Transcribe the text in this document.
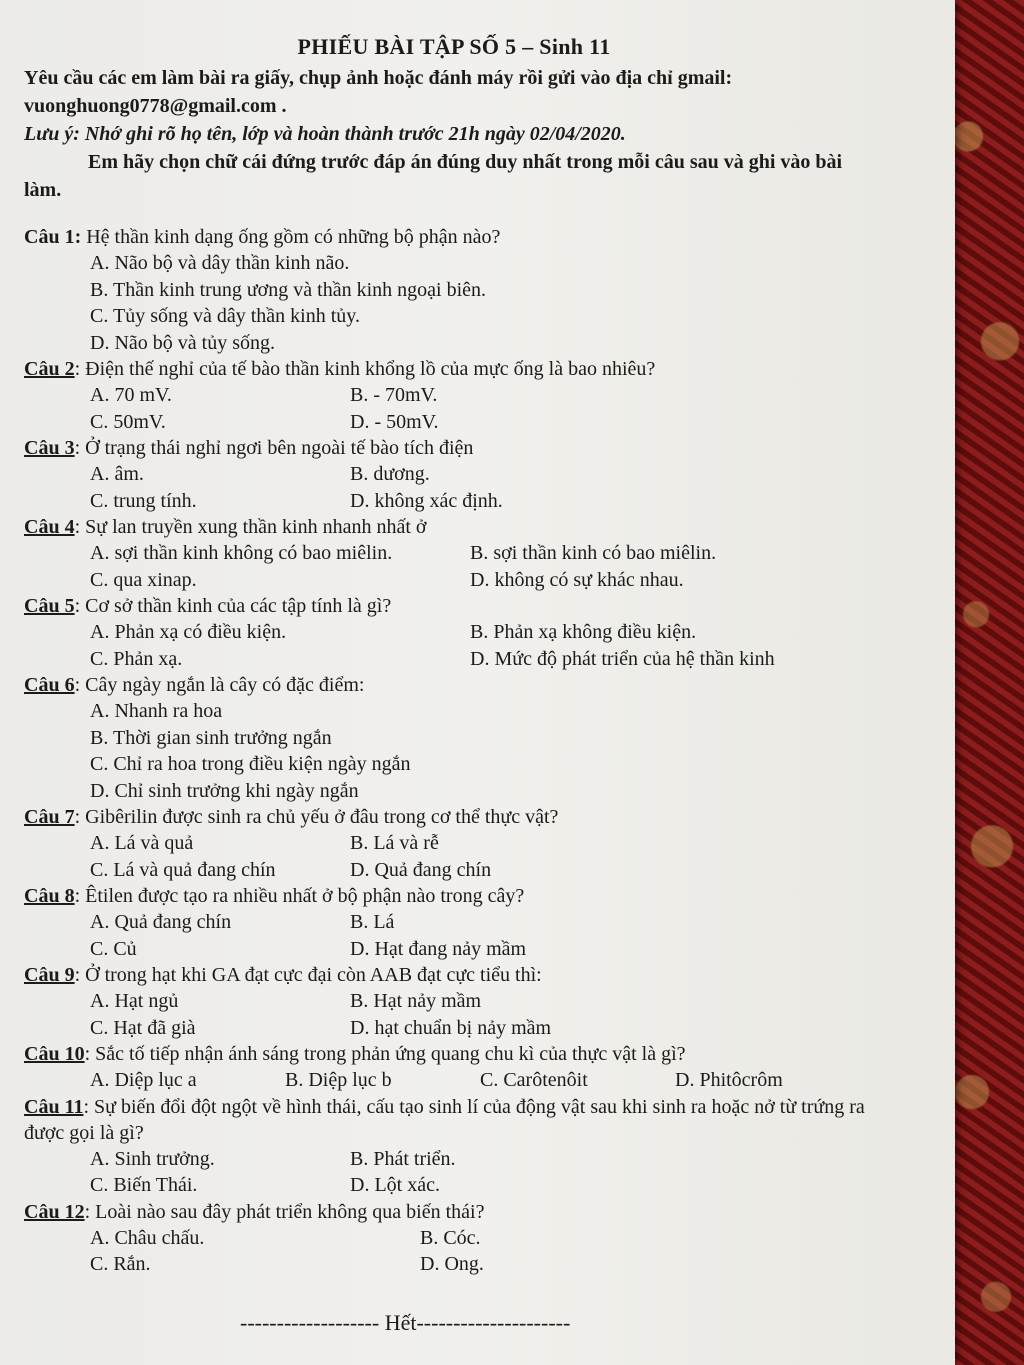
PHIẾU BÀI TẬP SỐ 5 – Sinh 11

Yêu cầu các em làm bài ra giấy, chụp ảnh hoặc đánh máy rồi gửi vào địa chỉ gmail: vuonghuong0778@gmail.com .

Lưu ý: Nhớ ghi rõ họ tên, lớp và hoàn thành trước 21h ngày 02/04/2020.

Em hãy chọn chữ cái đứng trước đáp án đúng duy nhất trong mỗi câu sau và ghi vào bài làm.

Câu 1: Hệ thần kinh dạng ống gồm có những bộ phận nào?

A. Não bộ và dây thần kinh não.
B. Thần kinh trung ương và thần kinh ngoại biên.
C. Tủy sống và dây thần kinh tủy.
D. Não bộ và tủy sống.

Câu 2: Điện thế nghỉ của tế bào thần kinh khổng lồ của mực ống là bao nhiêu?

A. 70 mV.	B. - 70mV.
C. 50mV.	D. - 50mV.

Câu 3: Ở trạng thái nghỉ ngơi bên ngoài tế bào tích điện

A. âm.	B. dương.
C. trung tính.	D. không xác định.

Câu 4: Sự lan truyền xung thần kinh nhanh nhất ở

A. sợi thần kinh không có bao miêlin.	B. sợi thần kinh có bao miêlin.
C. qua xinap.	D. không có sự khác nhau.

Câu 5: Cơ sở thần kinh của các tập tính là gì?

A. Phản xạ có điều kiện.	B. Phản xạ không điều kiện.
C. Phản xạ.	D. Mức độ phát triển của hệ thần kinh

Câu 6: Cây ngày ngắn là cây có đặc điểm:

A. Nhanh ra hoa
B. Thời gian sinh trưởng ngắn
C. Chỉ ra hoa trong điều kiện ngày ngắn
D. Chỉ sinh trưởng khi ngày ngắn

Câu 7: Gibêrilin được sinh ra chủ yếu ở đâu trong cơ thể thực vật?

A. Lá và quả	B. Lá và rễ
C. Lá và quả đang chín	D. Quả đang chín

Câu 8: Êtilen được tạo ra nhiều nhất ở bộ phận nào trong cây?

A. Quả đang chín	B. Lá
C. Củ	D. Hạt đang nảy mầm

Câu 9: Ở trong hạt khi GA đạt cực đại còn AAB đạt cực tiểu thì:

A. Hạt ngủ	B. Hạt nảy mầm
C. Hạt đã già	D. hạt chuẩn bị nảy mầm

Câu 10: Sắc tố tiếp nhận ánh sáng trong phản ứng quang chu kì của thực vật là gì?

A. Diệp lục a	B. Diệp lục b	C. Carôtenôit	D. Phitôcrôm

Câu 11: Sự biến đổi đột ngột về hình thái, cấu tạo sinh lí của động vật sau khi sinh ra hoặc nở từ trứng ra được gọi là gì?

A. Sinh trưởng.	B. Phát triển.
C. Biến Thái.	D. Lột xác.

Câu 12: Loài nào sau đây phát triển không qua biến thái?

A. Châu chấu.	B. Cóc.
C. Rắn.	D. Ong.
------------------- Hết---------------------
